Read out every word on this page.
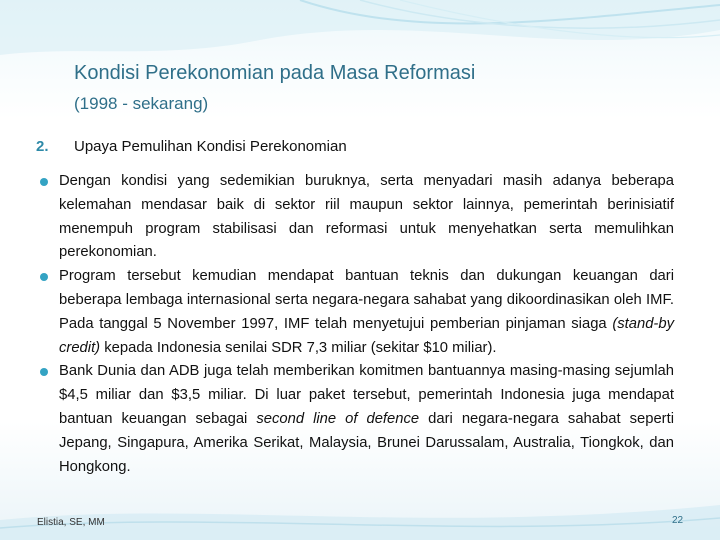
Kondisi Perekonomian pada Masa Reformasi
(1998 - sekarang)
2.	Upaya Pemulihan Kondisi Perekonomian
Dengan kondisi yang sedemikian buruknya, serta menyadari masih adanya beberapa kelemahan mendasar baik di sektor riil maupun sektor lainnya, pemerintah berinisiatif menempuh program stabilisasi dan reformasi untuk menyehatkan serta memulihkan perekonomian.
Program tersebut kemudian mendapat bantuan teknis dan dukungan keuangan dari beberapa lembaga internasional serta negara-negara sahabat yang dikoordinasikan oleh IMF. Pada tanggal 5 November 1997, IMF telah menyetujui pemberian pinjaman siaga (stand-by credit) kepada Indonesia senilai SDR 7,3 miliar (sekitar $10 miliar).
Bank Dunia dan ADB juga telah memberikan komitmen bantuannya masing-masing sejumlah $4,5 miliar dan $3,5 miliar. Di luar paket tersebut, pemerintah Indonesia juga mendapat bantuan keuangan sebagai second line of defence dari negara-negara sahabat seperti Jepang, Singapura, Amerika Serikat, Malaysia, Brunei Darussalam, Australia, Tiongkok, dan Hongkong.
Elistia, SE, MM	22
